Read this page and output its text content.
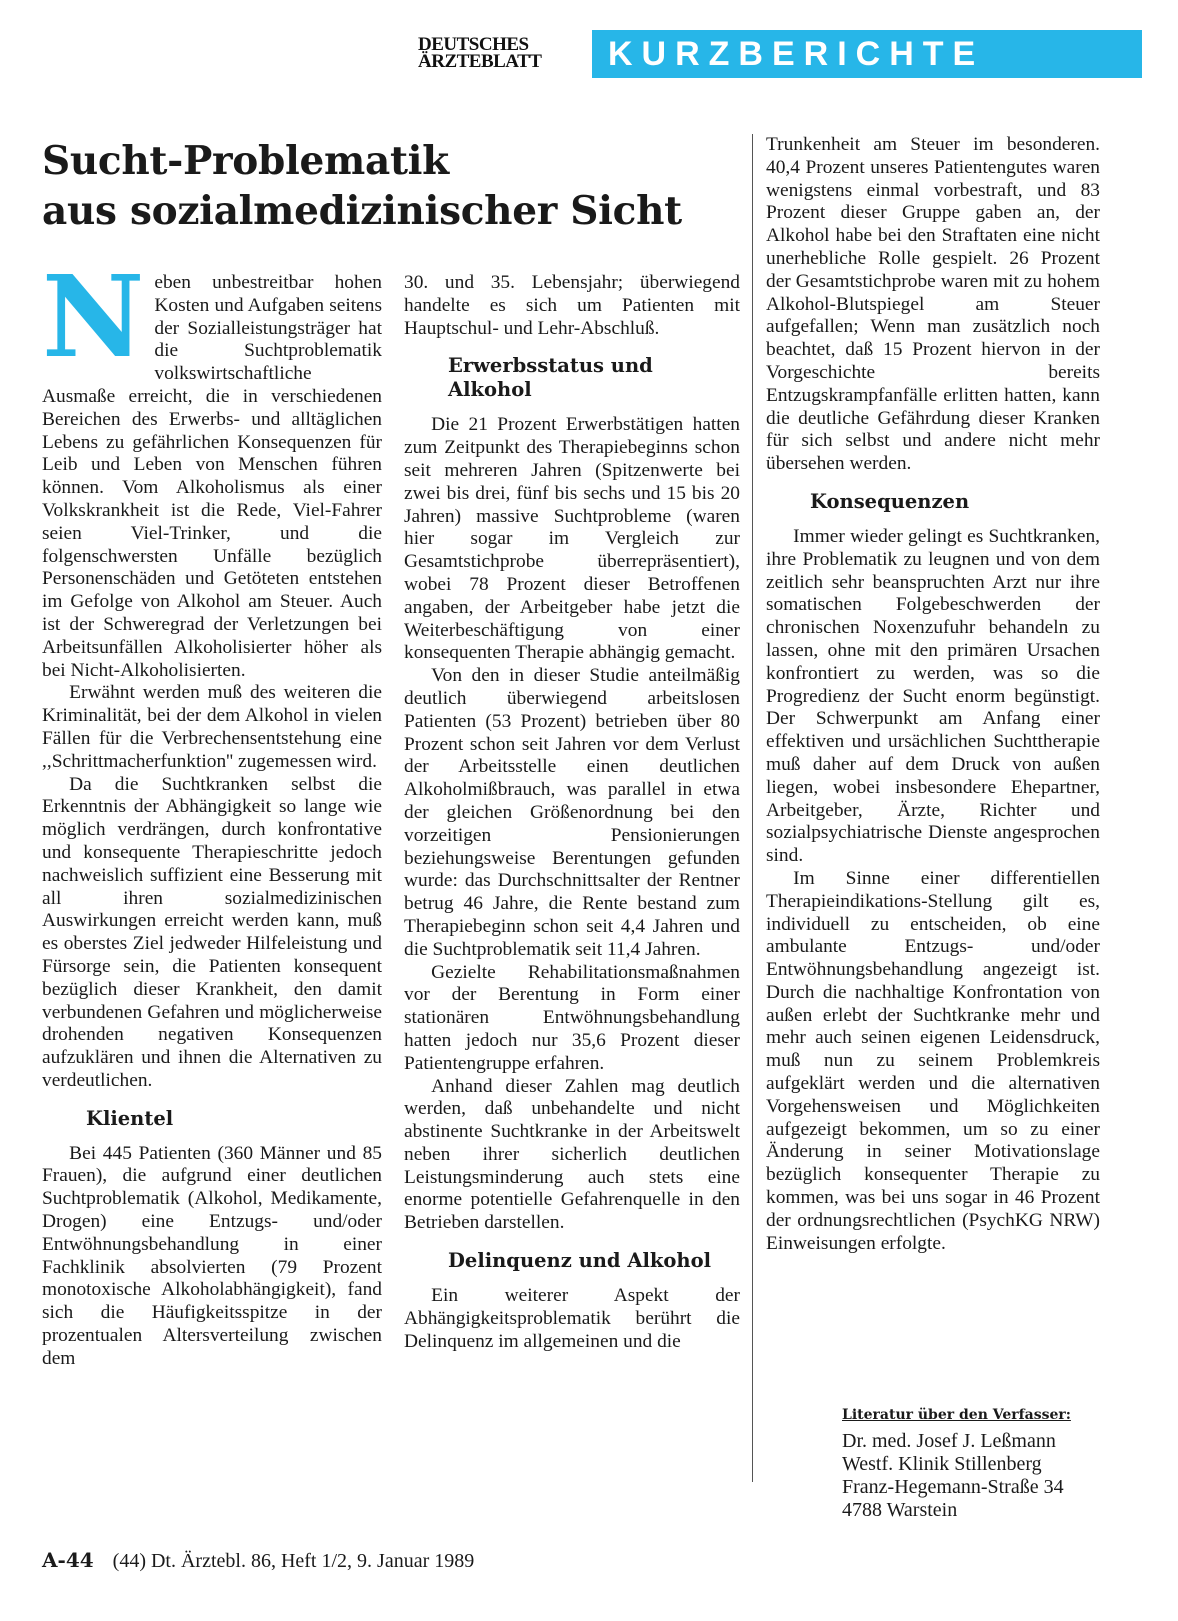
DEUTSCHES
ÄRZTEBLATT	KURZBERICHTE
Sucht-Problematik
aus sozialmedizinischer Sicht

Neben unbestreitbar hohen Kosten und Aufgaben seitens der Sozialleistungsträger hat die Suchtproblematik volkswirtschaftliche Ausmaße erreicht, die in verschiedenen Bereichen des Erwerbs- und alltäglichen Lebens zu gefährlichen Konsequenzen für Leib und Leben von Menschen führen können. Vom Alkoholismus als einer Volkskrankheit ist die Rede, Viel-Fahrer seien Viel-Trinker, und die folgenschwersten Unfälle bezüglich Personenschäden und Getöteten entstehen im Gefolge von Alkohol am Steuer. Auch ist der Schweregrad der Verletzungen bei Arbeitsunfällen Alkoholisierter höher als bei Nicht-Alkoholisierten.

Erwähnt werden muß des weiteren die Kriminalität, bei der dem Alkohol in vielen Fällen für die Verbrechensentstehung eine ,,Schrittmacherfunktion'' zugemessen wird.

Da die Suchtkranken selbst die Erkenntnis der Abhängigkeit so lange wie möglich verdrängen, durch konfrontative und konsequente Therapieschritte jedoch nachweislich suffizient eine Besserung mit all ihren sozialmedizinischen Auswirkungen erreicht werden kann, muß es oberstes Ziel jedweder Hilfeleistung und Fürsorge sein, die Patienten konsequent bezüglich dieser Krankheit, den damit verbundenen Gefahren und möglicherweise drohenden negativen Konsequenzen aufzuklären und ihnen die Alternativen zu verdeutlichen.

Klientel

Bei 445 Patienten (360 Männer und 85 Frauen), die aufgrund einer deutlichen Suchtproblematik (Alkohol, Medikamente, Drogen) eine Entzugs- und/oder Entwöhnungsbehandlung in einer Fachklinik absolvierten (79 Prozent monotoxische Alkoholabhängigkeit), fand sich die Häufigkeitsspitze in der prozentualen Altersverteilung zwischen dem

30. und 35. Lebensjahr; überwiegend handelte es sich um Patienten mit Hauptschul- und Lehr-Abschluß.

Erwerbsstatus und Alkohol

Die 21 Prozent Erwerbstätigen hatten zum Zeitpunkt des Therapiebeginns schon seit mehreren Jahren (Spitzenwerte bei zwei bis drei, fünf bis sechs und 15 bis 20 Jahren) massive Suchtprobleme (waren hier sogar im Vergleich zur Gesamtstichprobe überrepräsentiert), wobei 78 Prozent dieser Betroffenen angaben, der Arbeitgeber habe jetzt die Weiterbeschäftigung von einer konsequenten Therapie abhängig gemacht.

Von den in dieser Studie anteilmäßig deutlich überwiegend arbeitslosen Patienten (53 Prozent) betrieben über 80 Prozent schon seit Jahren vor dem Verlust der Arbeitsstelle einen deutlichen Alkoholmißbrauch, was parallel in etwa der gleichen Größenordnung bei den vorzeitigen Pensionierungen beziehungsweise Berentungen gefunden wurde: das Durchschnittsalter der Rentner betrug 46 Jahre, die Rente bestand zum Therapiebeginn schon seit 4,4 Jahren und die Suchtproblematik seit 11,4 Jahren.

Gezielte Rehabilitationsmaßnahmen vor der Berentung in Form einer stationären Entwöhnungsbehandlung hatten jedoch nur 35,6 Prozent dieser Patientengruppe erfahren.

Anhand dieser Zahlen mag deutlich werden, daß unbehandelte und nicht abstinente Suchtkranke in der Arbeitswelt neben ihrer sicherlich deutlichen Leistungsminderung auch stets eine enorme potentielle Gefahrenquelle in den Betrieben darstellen.

Delinquenz und Alkohol

Ein weiterer Aspekt der Abhängigkeitsproblematik berührt die Delinquenz im allgemeinen und die

Trunkenheit am Steuer im besonderen. 40,4 Prozent unseres Patientengutes waren wenigstens einmal vorbestraft, und 83 Prozent dieser Gruppe gaben an, der Alkohol habe bei den Straftaten eine nicht unerhebliche Rolle gespielt. 26 Prozent der Gesamtstichprobe waren mit zu hohem Alkohol-Blutspiegel am Steuer aufgefallen; Wenn man zusätzlich noch beachtet, daß 15 Prozent hiervon in der Vorgeschichte bereits Entzugskrampfanfälle erlitten hatten, kann die deutliche Gefährdung dieser Kranken für sich selbst und andere nicht mehr übersehen werden.

Konsequenzen

Immer wieder gelingt es Suchtkranken, ihre Problematik zu leugnen und von dem zeitlich sehr beanspruchten Arzt nur ihre somatischen Folgebeschwerden der chronischen Noxenzufuhr behandeln zu lassen, ohne mit den primären Ursachen konfrontiert zu werden, was so die Progredienz der Sucht enorm begünstigt. Der Schwerpunkt am Anfang einer effektiven und ursächlichen Suchttherapie muß daher auf dem Druck von außen liegen, wobei insbesondere Ehepartner, Arbeitgeber, Ärzte, Richter und sozialpsychiatrische Dienste angesprochen sind.

Im Sinne einer differentiellen Therapieindikations-Stellung gilt es, individuell zu entscheiden, ob eine ambulante Entzugs- und/oder Entwöhnungsbehandlung angezeigt ist. Durch die nachhaltige Konfrontation von außen erlebt der Suchtkranke mehr und mehr auch seinen eigenen Leidensdruck, muß nun zu seinem Problemkreis aufgeklärt werden und die alternativen Vorgehensweisen und Möglichkeiten aufgezeigt bekommen, um so zu einer Änderung in seiner Motivationslage bezüglich konsequenter Therapie zu kommen, was bei uns sogar in 46 Prozent der ordnungsrechtlichen (PsychKG NRW) Einweisungen erfolgte.

Literatur über den Verfasser:
Dr. med. Josef J. Leßmann
Westf. Klinik Stillenberg
Franz-Hegemann-Straße 34
4788 Warstein
A-44 (44) Dt. Ärztebl. 86, Heft 1/2, 9. Januar 1989
